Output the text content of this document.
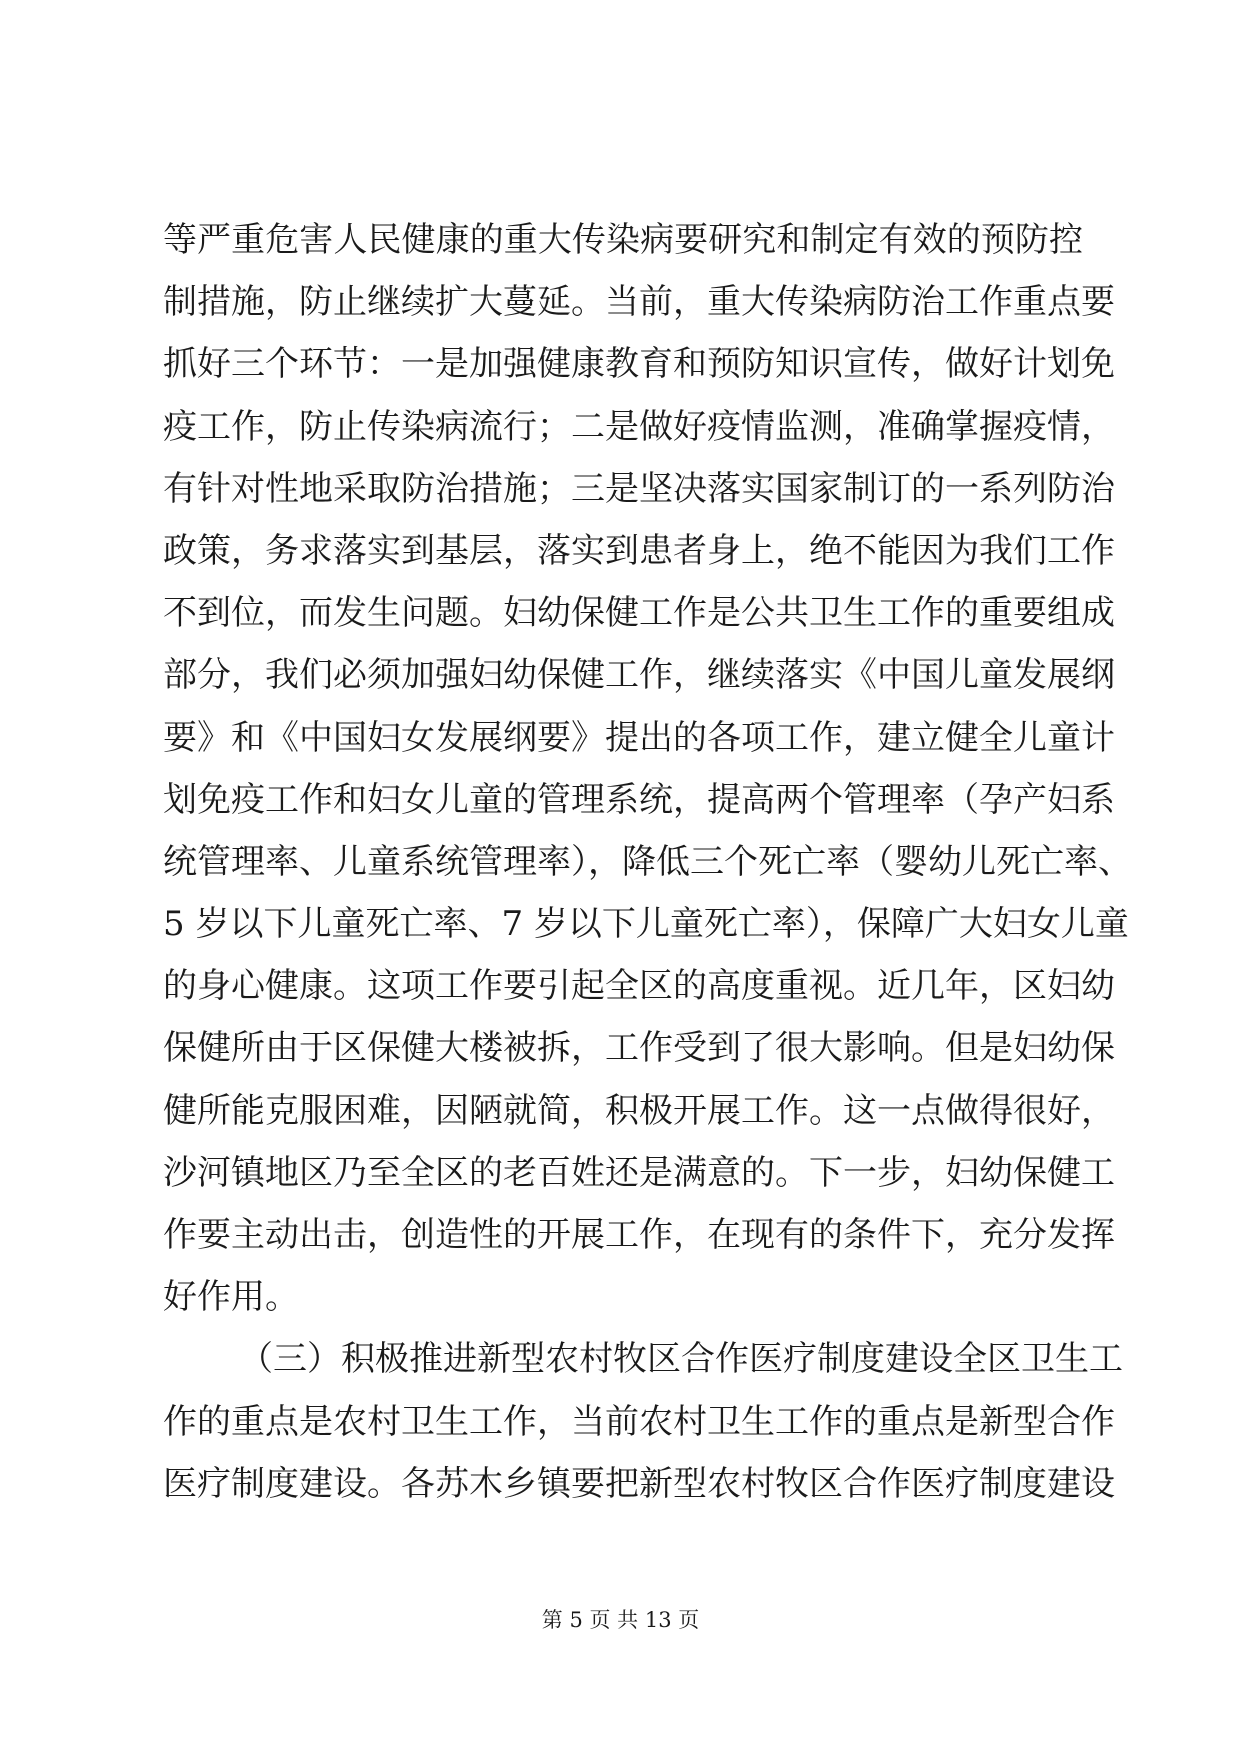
等严重危害人民健康的重大传染病要研究和制定有效的预防控
制措施，防止继续扩大蔓延。当前，重大传染病防治工作重点要
抓好三个环节：一是加强健康教育和预防知识宣传，做好计划免
疫工作，防止传染病流行；二是做好疫情监测，准确掌握疫情，
有针对性地采取防治措施；三是坚决落实国家制订的一系列防治
政策，务求落实到基层，落实到患者身上，绝不能因为我们工作
不到位，而发生问题。妇幼保健工作是公共卫生工作的重要组成
部分，我们必须加强妇幼保健工作，继续落实《中国儿童发展纲
要》和《中国妇女发展纲要》提出的各项工作，建立健全儿童计
划免疫工作和妇女儿童的管理系统，提高两个管理率（孕产妇系
统管理率、儿童系统管理率），降低三个死亡率（婴幼儿死亡率、
5 岁以下儿童死亡率、7 岁以下儿童死亡率），保障广大妇女儿童
的身心健康。这项工作要引起全区的高度重视。近几年，区妇幼
保健所由于区保健大楼被拆，工作受到了很大影响。但是妇幼保
健所能克服困难，因陋就简，积极开展工作。这一点做得很好，
沙河镇地区乃至全区的老百姓还是满意的。下一步，妇幼保健工
作要主动出击，创造性的开展工作，在现有的条件下，充分发挥
好作用。
（三）积极推进新型农村牧区合作医疗制度建设全区卫生工
作的重点是农村卫生工作，当前农村卫生工作的重点是新型合作
医疗制度建设。各苏木乡镇要把新型农村牧区合作医疗制度建设
第 5 页 共 13 页
